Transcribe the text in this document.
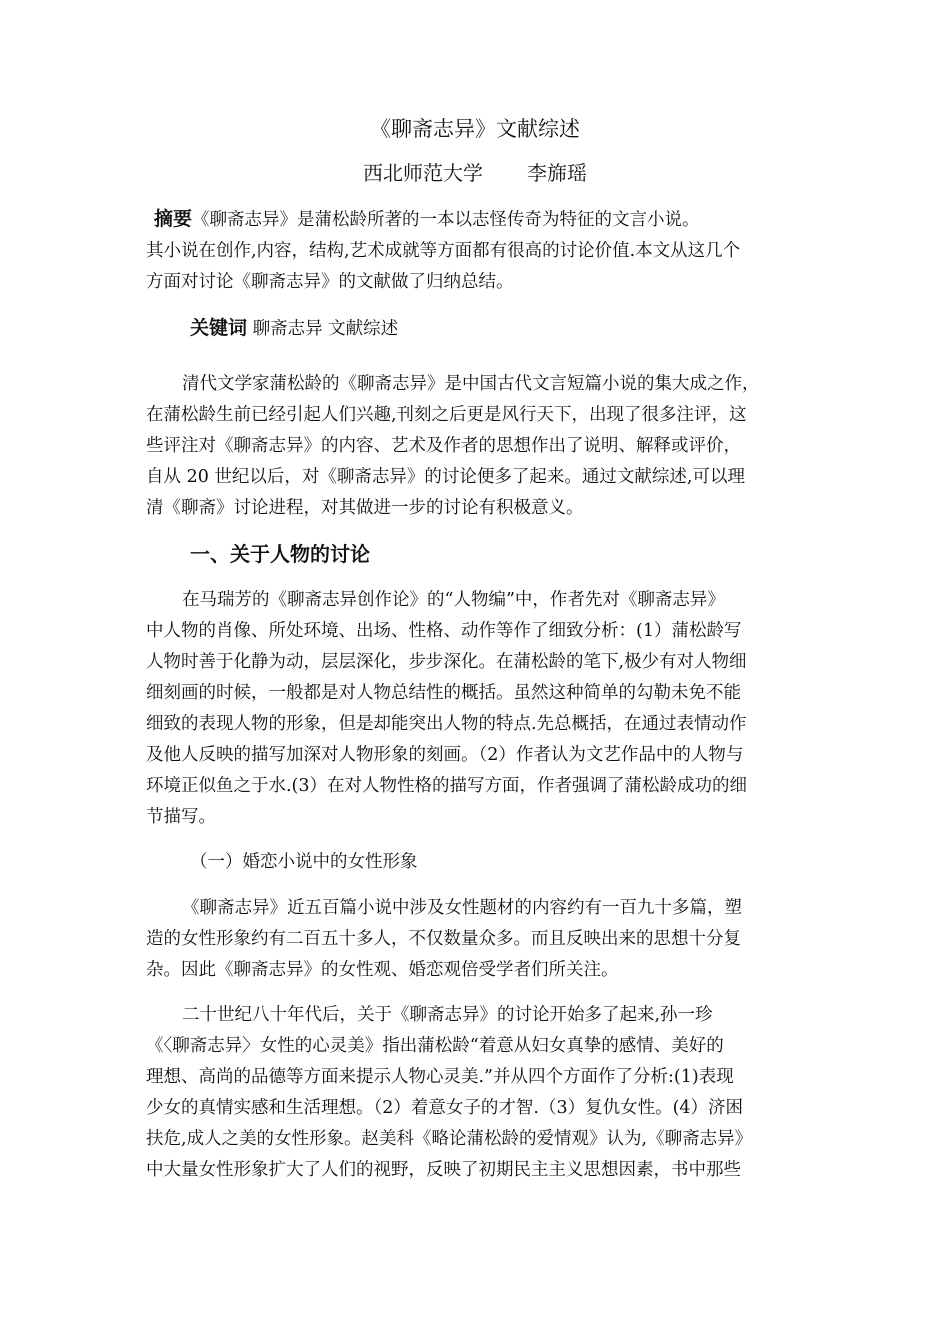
《聊斋志异》文献综述
西北师范大学 李旆瑶
摘要《聊斋志异》是蒲松龄所著的一本以志怪传奇为特征的文言小说。
其小说在创作,内容，结构,艺术成就等方面都有很高的讨论价值.本文从这几个
方面对讨论《聊斋志异》的文献做了归纳总结。
关键词 聊斋志异 文献综述
清代文学家蒲松龄的《聊斋志异》是中国古代文言短篇小说的集大成之作，
在蒲松龄生前已经引起人们兴趣,刊刻之后更是风行天下，出现了很多注评，这
些评注对《聊斋志异》的内容、艺术及作者的思想作出了说明、解释或评价，
自从 20 世纪以后，对《聊斋志异》的讨论便多了起来。通过文献综述,可以理
清《聊斋》讨论进程，对其做进一步的讨论有积极意义。
一、关于人物的讨论
在马瑞芳的《聊斋志异创作论》的“人物编”中，作者先对《聊斋志异》
中人物的肖像、所处环境、出场、性格、动作等作了细致分析：(1）蒲松龄写
人物时善于化静为动，层层深化，步步深化。在蒲松龄的笔下,极少有对人物细
细刻画的时候，一般都是对人物总结性的概括。虽然这种简单的勾勒未免不能
细致的表现人物的形象，但是却能突出人物的特点.先总概括，在通过表情动作
及他人反映的描写加深对人物形象的刻画。（2）作者认为文艺作品中的人物与
环境正似鱼之于水.(3）在对人物性格的描写方面，作者强调了蒲松龄成功的细
节描写。
（一）婚恋小说中的女性形象
《聊斋志异》近五百篇小说中涉及女性题材的内容约有一百九十多篇，塑
造的女性形象约有二百五十多人，不仅数量众多。而且反映出来的思想十分复
杂。因此《聊斋志异》的女性观、婚恋观倍受学者们所关注。
二十世纪八十年代后，关于《聊斋志异》的讨论开始多了起来,孙一珍
《〈聊斋志异〉女性的心灵美》指出蒲松龄“着意从妇女真挚的感情、美好的
理想、高尚的品德等方面来提示人物心灵美.”并从四个方面作了分析:(1)表现
少女的真情实感和生活理想。（2）着意女子的才智.（3）复仇女性。(4）济困
扶危,成人之美的女性形象。赵美科《略论蒲松龄的爱情观》认为,《聊斋志异》
中大量女性形象扩大了人们的视野，反映了初期民主主义思想因素，书中那些
